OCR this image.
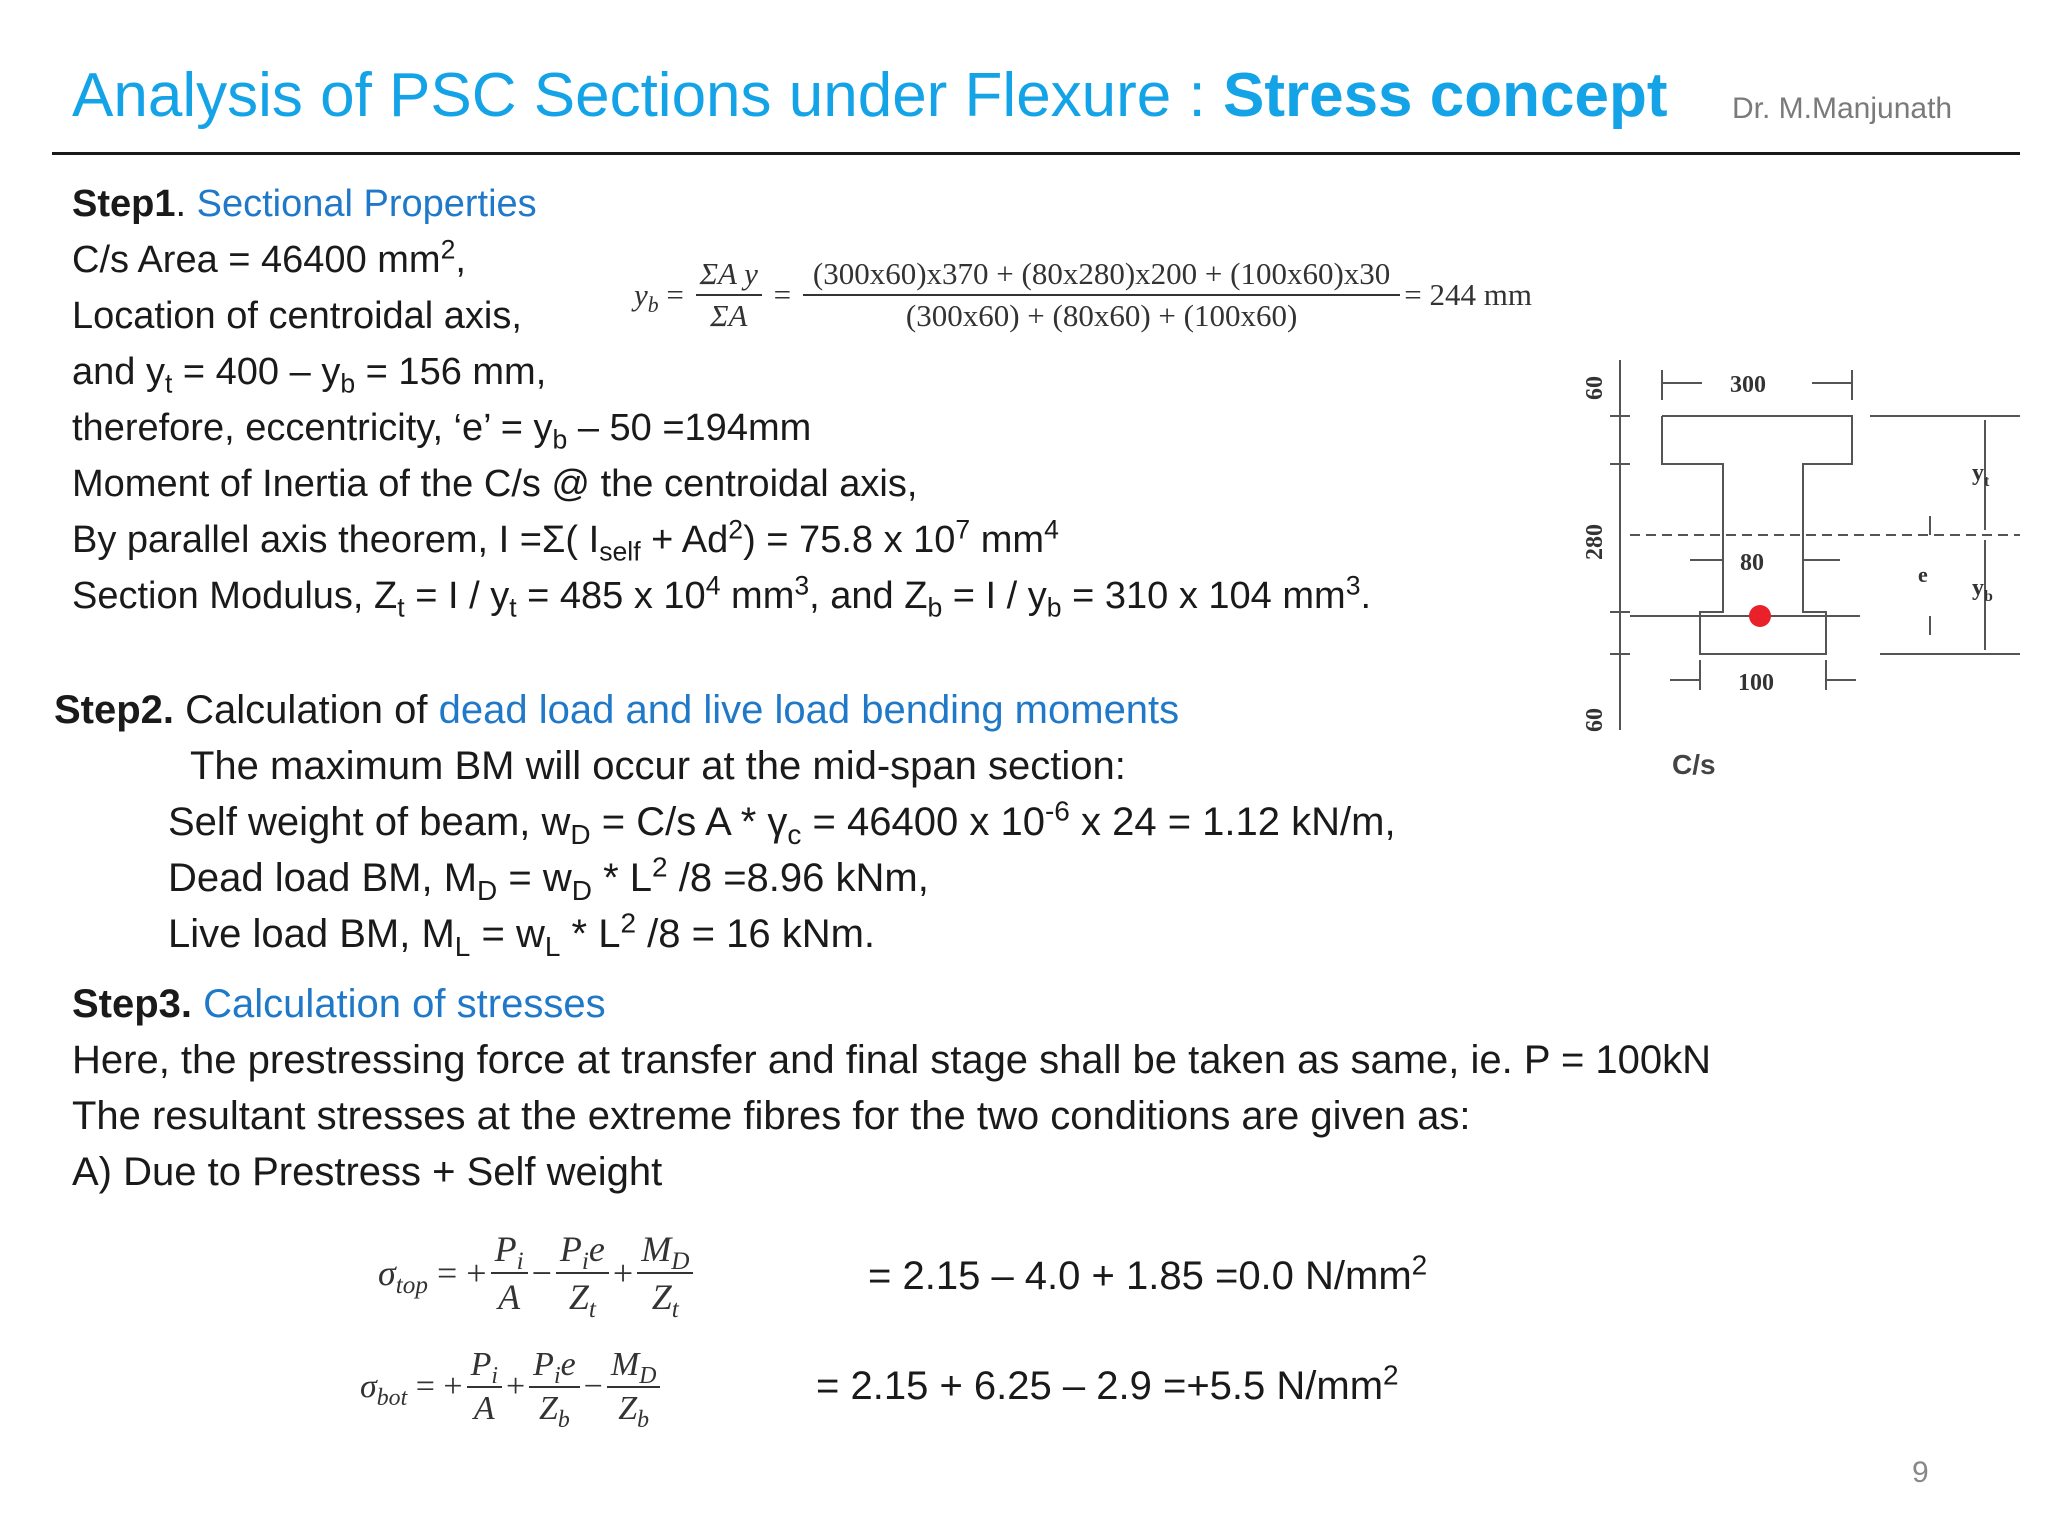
Analysis of PSC Sections under Flexure : Stress concept Dr. M.Manjunath
Step1. Sectional Properties
C/s Area = 46400 $mm^2$,
Location of centroidal axis,
and $y_t = 400 - y_b = 156$ mm,
therefore, eccentricity, ‘e’ = $y_b - 50 =194mm$
Moment of Inertia of the C/s @ the centroidal axis,
By parallel axis theorem, I =Σ( $I_{self} + Ad^2) = 75.8$ x $10^7$ $mm^4$
Section Modulus, $Z_t = I / y_t = 485$ x $10^4$ $mm^3$, and $Z_b = I / y_b = 310$ x 104 $mm^3$.
$y_b = \frac{\text{ΣA y}}{\Sigma A} = \frac{(300x60)x370 + (80x280)x200 + (100x60)x30}{(300x60) + (80x60) + (100x60)} = 244$ mm
60
280
60
300
80
100
e
$y_t$
$y_b$
C/s
Step2. Calculation of dead load and live load bending moments
The maximum BM will occur at the mid-span section:
Self weight of beam, $w_D = C/s$ $A * \gamma_c = 46400$ x $10^{-6}$ x 24 = 1.12 kN/m,
Dead load BM, $M_D = w_D * L^2$ /8 =8.96 kNm,
Live load BM, $M_L = w_L * L^2$ /8 = 16 kNm.
Step3. Calculation of stresses
Here, the prestressing force at transfer and final stage shall be taken as same, ie. P = 100kN
The resultant stresses at the extreme fibres for the two conditions are given as:
A) Due to Prestress + Self weight
$\sigma_{top}$ = + $\frac{P_i}{A} - \frac{P_ie}{Z_t} + \frac{M_D}{Z_t}$	= 2.15 – 4.0 + 1.85 =0.0 $N/mm^2$
$\sigma_{bot}$ = + $\frac{P_i}{A} + \frac{P_ie}{Z_b} - \frac{M_D}{Z_b}$	= 2.15 + 6.25 – 2.9 =+5.5 $N/mm^2$
9
